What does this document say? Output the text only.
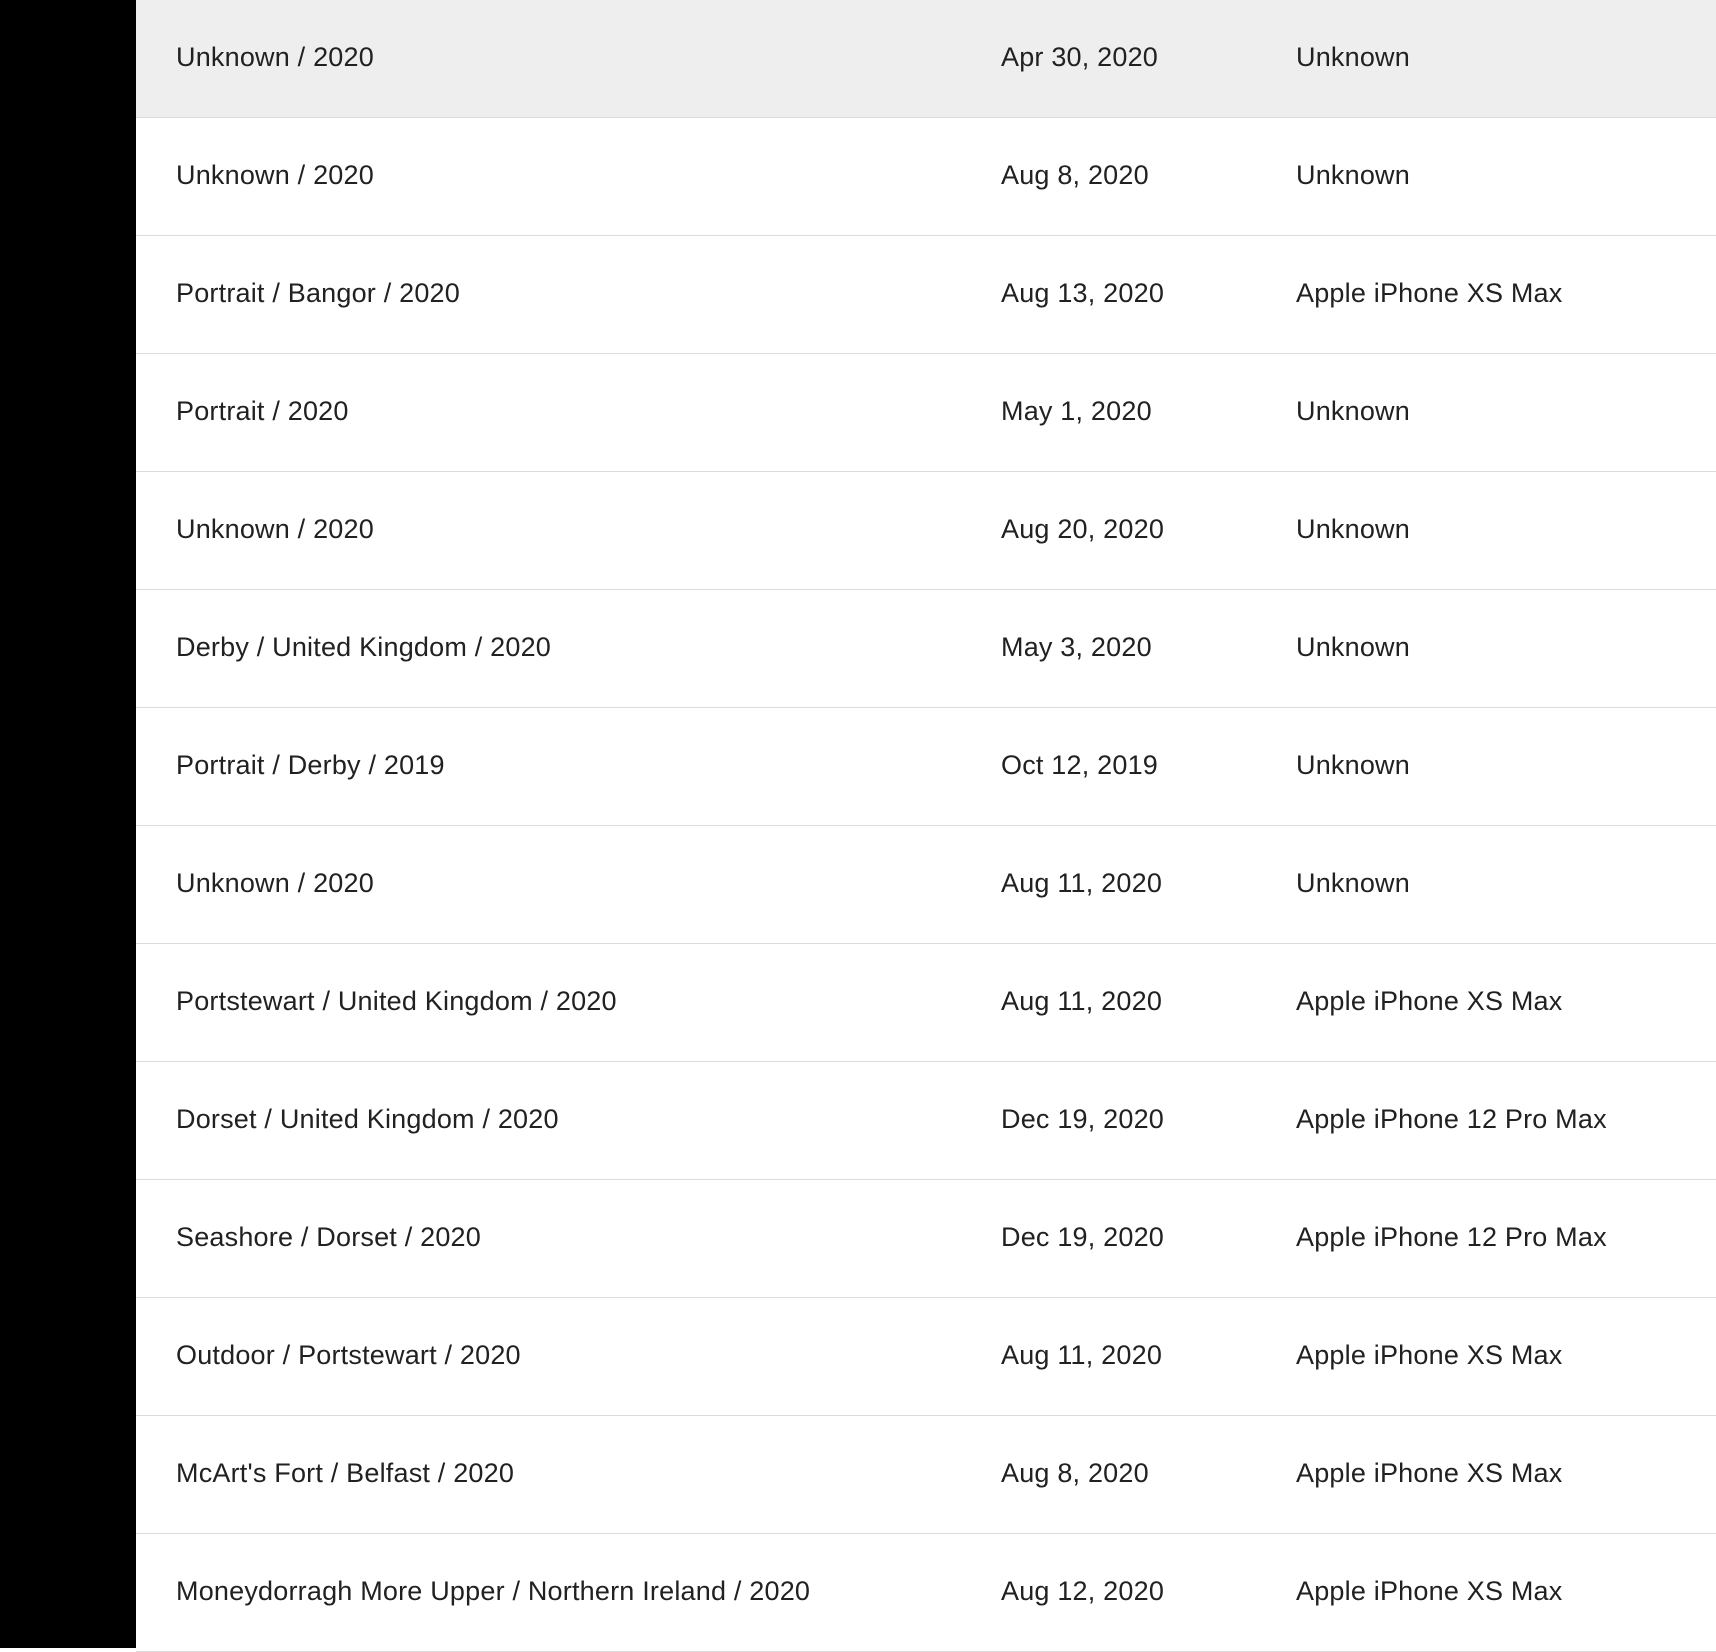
Unknown / 2020	Apr 30, 2020	Unknown
Unknown / 2020	Aug 8, 2020	Unknown
Portrait / Bangor / 2020	Aug 13, 2020	Apple iPhone XS Max
Portrait / 2020	May 1, 2020	Unknown
Unknown / 2020	Aug 20, 2020	Unknown
Derby / United Kingdom / 2020	May 3, 2020	Unknown
Portrait / Derby / 2019	Oct 12, 2019	Unknown
Unknown / 2020	Aug 11, 2020	Unknown
Portstewart / United Kingdom / 2020	Aug 11, 2020	Apple iPhone XS Max
Dorset / United Kingdom / 2020	Dec 19, 2020	Apple iPhone 12 Pro Max
Seashore / Dorset / 2020	Dec 19, 2020	Apple iPhone 12 Pro Max
Outdoor / Portstewart / 2020	Aug 11, 2020	Apple iPhone XS Max
McArt's Fort / Belfast / 2020	Aug 8, 2020	Apple iPhone XS Max
Moneydorragh More Upper / Northern Ireland / 2020	Aug 12, 2020	Apple iPhone XS Max
